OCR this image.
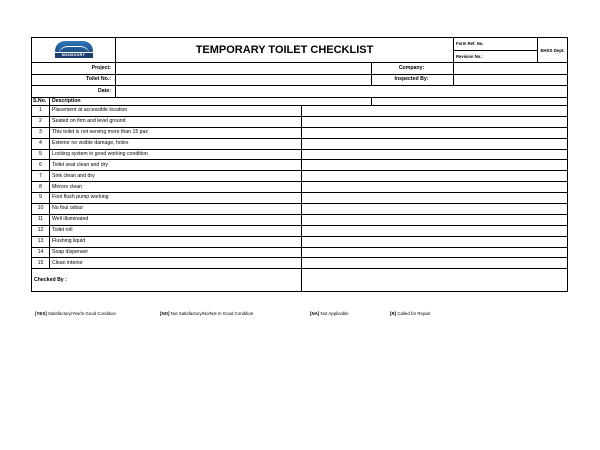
MANSOURY		TEMPORARY TOILET CHECKLIST			Form Ref. No.
Revision No.:	EHSS Dept.
Project:				Company:		
Toilet No.:				Inspected By:		
Date:						
S.No.	Description					
1	Placement at accessible location					
2	Seated on firm and level ground					
3	This toilet is not serving more than 15 pax					
4	Exterior no visible damage, holes					
5	Locking system in good working condition					
6	Toilet seat clean and dry					
7	Sink clean and dry					
8	Mirrors clean					
9	Foot flush pump working					
10	No foul odour					
11	Well illuminated					
12	Toilet roll					
13	Flushing liquid					
14	Soap dispenser					
15	Clean interior					
Checked By :						
[YES] Satisfactory/Yes/In Good Condition	[NO] Not Satisfactory/No/Not In Good Condition	[NA] Not Applicable	[R] Called for Repair
